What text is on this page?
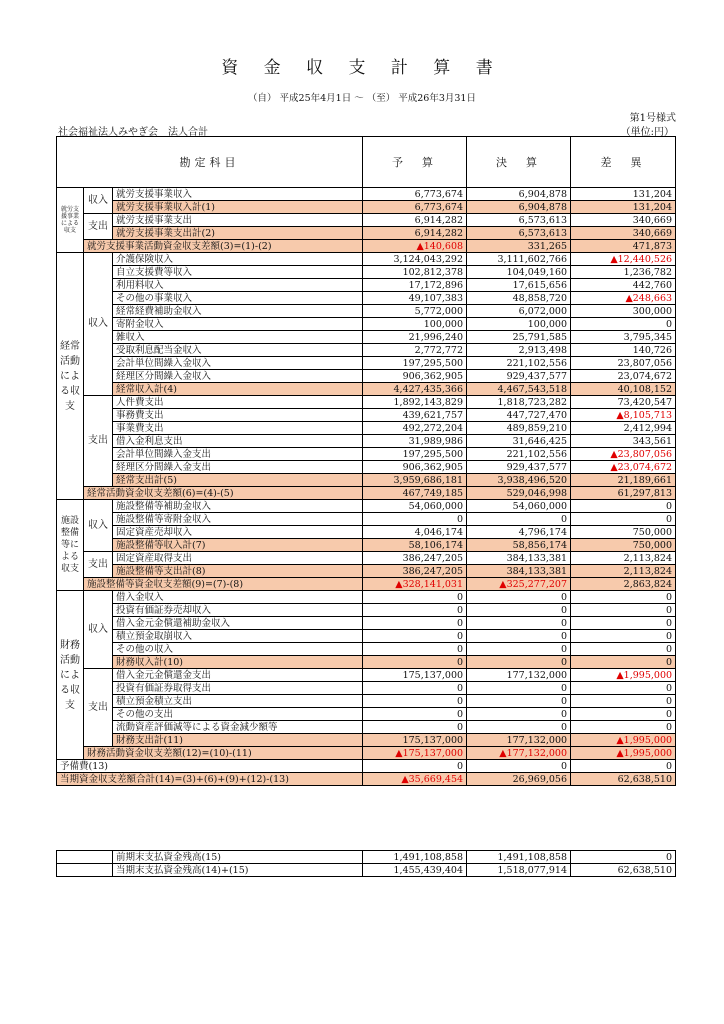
資 金 収 支 計 算 書
（自） 平成25年4月1日 ～ （至） 平成26年3月31日
第1号様式
（単位:円）
社会福祉法人みやぎ会　法人合計
勘定科目			予　算	決　算	差　異
就労支援事業による収支	収入	就労支援事業収入	6,773,674	6,904,878	131,204
		就労支援事業収入計(1)	6,773,674	6,904,878	131,204
	支出	就労支援事業支出	6,914,282	6,573,613	340,669
		就労支援事業支出計(2)	6,914,282	6,573,613	340,669
	就労支援事業活動資金収支差額(3)=(1)-(2)		▲140,608	331,265	471,873
経常活動による収支	収入	介護保険収入	3,124,043,292	3,111,602,766	▲12,440,526
		自立支援費等収入	102,812,378	104,049,160	1,236,782
		利用料収入	17,172,896	17,615,656	442,760
		その他の事業収入	49,107,383	48,858,720	▲248,663
		経常経費補助金収入	5,772,000	6,072,000	300,000
		寄附金収入	100,000	100,000	0
		雑収入	21,996,240	25,791,585	3,795,345
		受取利息配当金収入	2,772,772	2,913,498	140,726
		会計単位間繰入金収入	197,295,500	221,102,556	23,807,056
		経理区分間繰入金収入	906,362,905	929,437,577	23,074,672
		経常収入計(4)	4,427,435,366	4,467,543,518	40,108,152
	支出	人件費支出	1,892,143,829	1,818,723,282	73,420,547
		事務費支出	439,621,757	447,727,470	▲8,105,713
		事業費支出	492,272,204	489,859,210	2,412,994
		借入金利息支出	31,989,986	31,646,425	343,561
		会計単位間繰入金支出	197,295,500	221,102,556	▲23,807,056
		経理区分間繰入金支出	906,362,905	929,437,577	▲23,074,672
		経常支出計(5)	3,959,686,181	3,938,496,520	21,189,661
	経常活動資金収支差額(6)=(4)-(5)		467,749,185	529,046,998	61,297,813
施設整備等による収支	収入	施設整備等補助金収入	54,060,000	54,060,000	0
		施設整備等寄附金収入	0	0	0
		固定資産売却収入	4,046,174	4,796,174	750,000
		施設整備等収入計(7)	58,106,174	58,856,174	750,000
	支出	固定資産取得支出	386,247,205	384,133,381	2,113,824
		施設整備等支出計(8)	386,247,205	384,133,381	2,113,824
	施設整備等資金収支差額(9)=(7)-(8)		▲328,141,031	▲325,277,207	2,863,824
財務活動による収支	収入	借入金収入	0	0	0
		投資有価証券売却収入	0	0	0
		借入金元金償還補助金収入	0	0	0
		積立預金取崩収入	0	0	0
		その他の収入	0	0	0
		財務収入計(10)	0	0	0
	支出	借入金元金償還金支出	175,137,000	177,132,000	▲1,995,000
		投資有価証券取得支出	0	0	0
		積立預金積立支出	0	0	0
		その他の支出	0	0	0
		流動資産評価減等による資金減少額等	0	0	0
		財務支出計(11)	175,137,000	177,132,000	▲1,995,000
	財務活動資金収支差額(12)=(10)-(11)		▲175,137,000	▲177,132,000	▲1,995,000
予備費(13)			0	0	0
当期資金収支差額合計(14)=(3)+(6)+(9)+(12)-(13)			▲35,669,454	26,969,056	62,638,510
	前期末支払資金残高(15)	1,491,108,858	1,491,108,858	0
	当期末支払資金残高(14)+(15)	1,455,439,404	1,518,077,914	62,638,510
